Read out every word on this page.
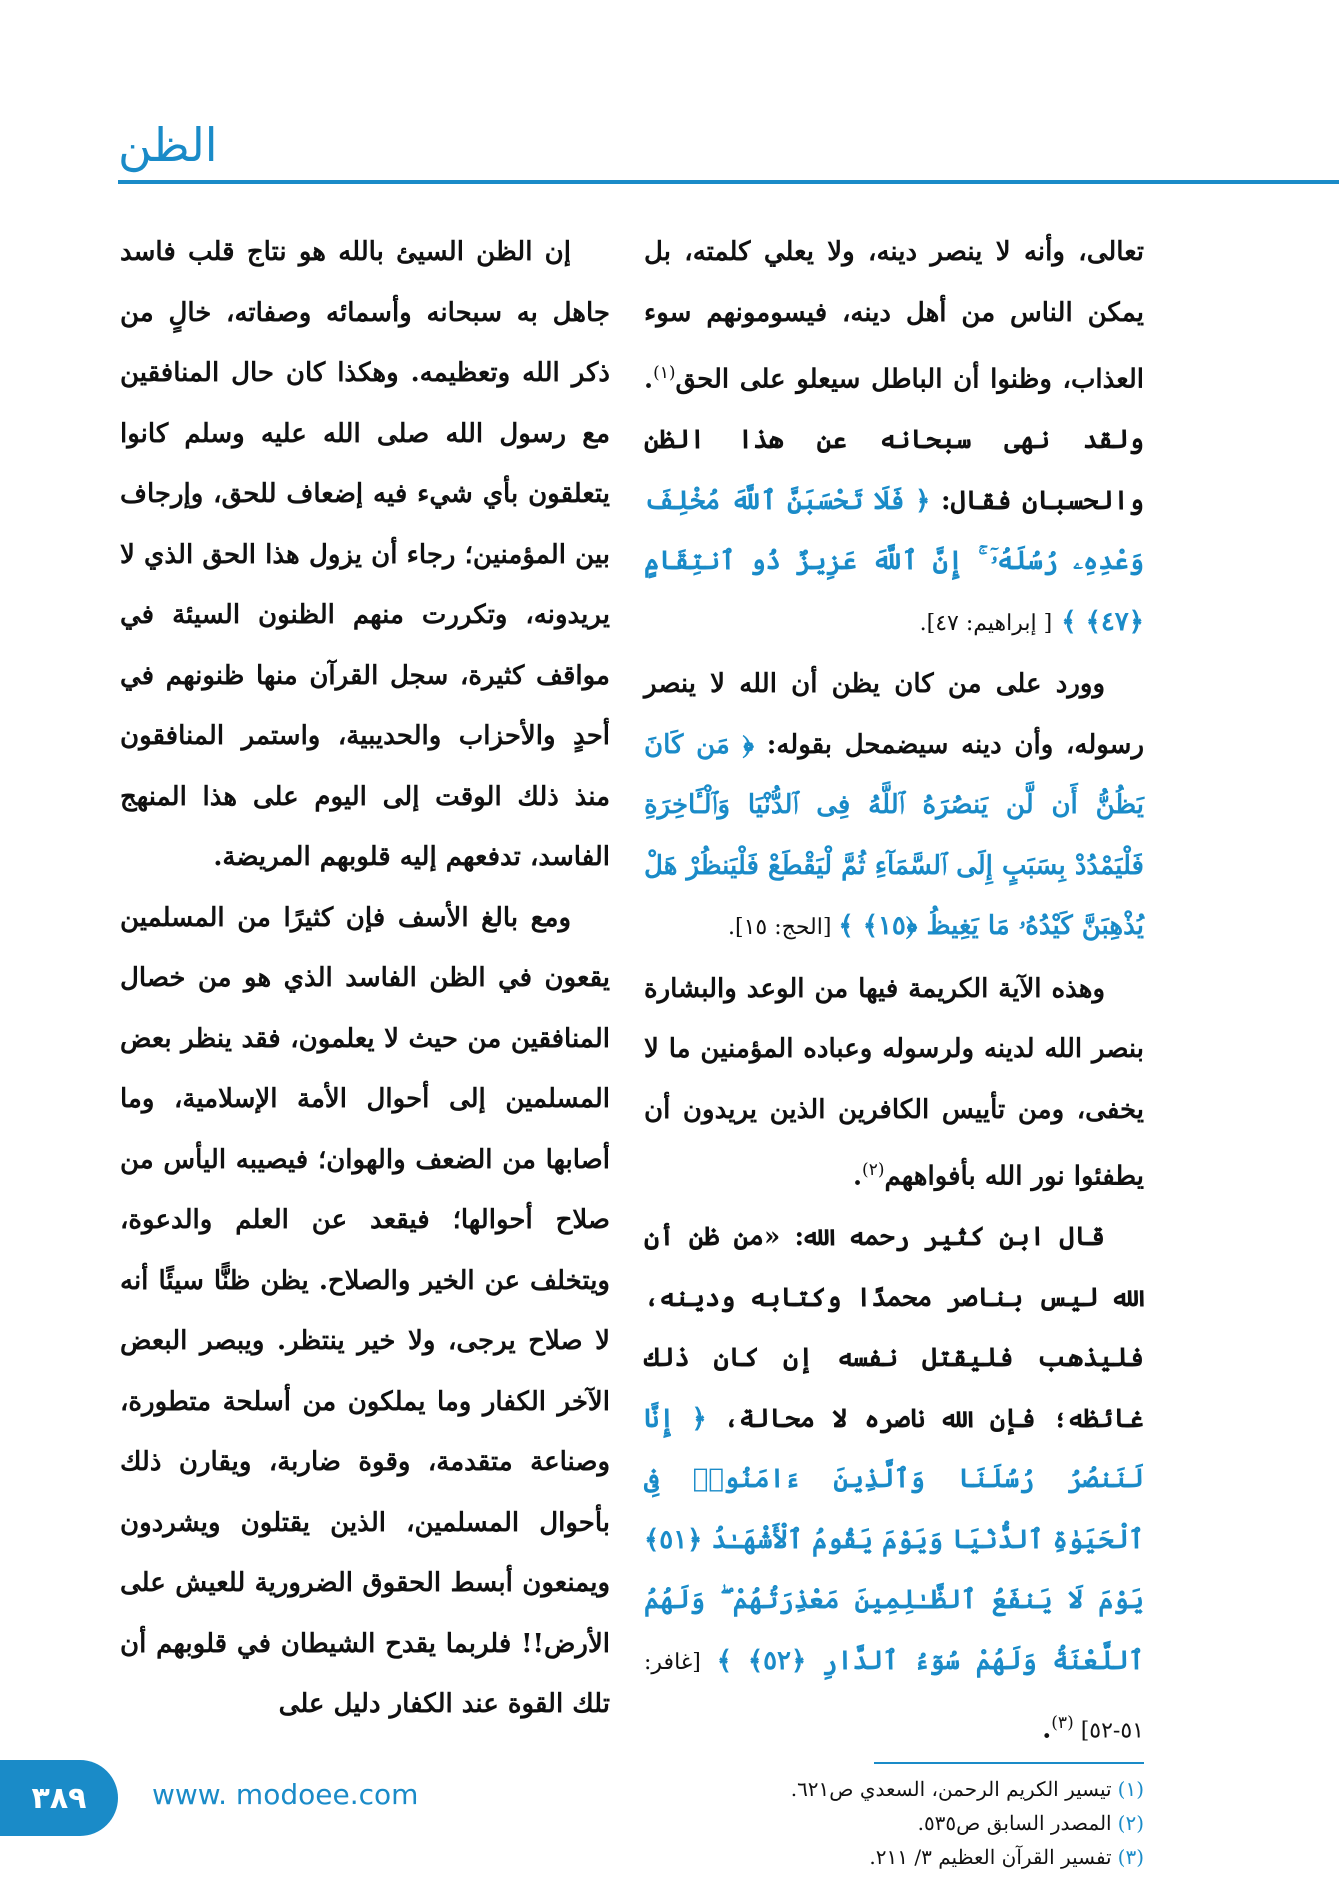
الظن

تعالى، وأنه لا ينصر دينه، ولا يعلي كلمته، بل يمكن الناس من أهل دينه، فيسومونهم سوء العذاب، وظنوا أن الباطل سيعلو على الحق$^{(١)}$. ولقد نهى سبحانه عن هذا الظن والحسبان فقال: ﴿ فَلَا تَحْسَبَنَّ ٱللَّهَ مُخْلِفَ وَعْدِهِۦ رُسُلَهُۥٓ ۚ إِنَّ ٱللَّهَ عَزِيزٌ ذُو ٱنتِقَامٍ ﴿٤٧﴾ ﴾ [ إبراهيم: ٤٧].

وورد على من كان يظن أن الله لا ينصر رسوله، وأن دينه سيضمحل بقوله: ﴿ مَن كَانَ يَظُنُّ أَن لَّن يَنصُرَهُ ٱللَّهُ فِى ٱلدُّنْيَا وَٱلْـَٔاخِرَةِ فَلْيَمْدُدْ بِسَبَبٍ إِلَى ٱلسَّمَآءِ ثُمَّ لْيَقْطَعْ فَلْيَنظُرْ هَلْ يُذْهِبَنَّ كَيْدُهُۥ مَا يَغِيظُ ﴿١٥﴾ ﴾ [الحج: ١٥].

وهذه الآية الكريمة فيها من الوعد والبشارة بنصر الله لدينه ولرسوله وعباده المؤمنين ما لا يخفى، ومن تأييس الكافرين الذين يريدون أن يطفئوا نور الله بأفواههم$^{(٢)}$.

قال ابن كثير رحمه الله: «من ظن أن الله ليس بناصر محمدًا وكتابه ودينه، فليذهب فليقتل نفسه إن كان ذلك غائظه؛ فإن الله ناصره لا محالة، ﴿ إِنَّا لَنَنصُرُ رُسُلَنَا وَٱلَّذِينَ ءَامَنُوا۟ فِى ٱلْحَيَوٰةِ ٱلدُّنْيَا وَيَوْمَ يَقُومُ ٱلْأَشْهَـٰدُ ﴿٥١﴾ يَوْمَ لَا يَنفَعُ ٱلظَّـٰلِمِينَ مَعْذِرَتُهُمْ ۖ وَلَهُمُ ٱللَّعْنَةُ وَلَهُمْ سُوٓءُ ٱلدَّارِ ﴿٥٢﴾ ﴾ [غافر: ٥١-٥٢] $^{(٣)}$.

إن الظن السيئ بالله هو نتاج قلب فاسد جاهل به سبحانه وأسمائه وصفاته، خالٍ من ذكر الله وتعظيمه. وهكذا كان حال المنافقين مع رسول الله صلى الله عليه وسلم كانوا يتعلقون بأي شيء فيه إضعاف للحق، وإرجاف بين المؤمنين؛ رجاء أن يزول هذا الحق الذي لا يريدونه، وتكررت منهم الظنون السيئة في مواقف كثيرة، سجل القرآن منها ظنونهم في أحدٍ والأحزاب والحديبية، واستمر المنافقون منذ ذلك الوقت إلى اليوم على هذا المنهج الفاسد، تدفعهم إليه قلوبهم المريضة.

ومع بالغ الأسف فإن كثيرًا من المسلمين يقعون في الظن الفاسد الذي هو من خصال المنافقين من حيث لا يعلمون، فقد ينظر بعض المسلمين إلى أحوال الأمة الإسلامية، وما أصابها من الضعف والهوان؛ فيصيبه اليأس من صلاح أحوالها؛ فيقعد عن العلم والدعوة، ويتخلف عن الخير والصلاح. يظن ظنًّا سيئًا أنه لا صلاح يرجى، ولا خير ينتظر. ويبصر البعض الآخر الكفار وما يملكون من أسلحة متطورة، وصناعة متقدمة، وقوة ضاربة، ويقارن ذلك بأحوال المسلمين، الذين يقتلون ويشردون ويمنعون أبسط الحقوق الضرورية للعيش على الأرض!! فلربما يقدح الشيطان في قلوبهم أن تلك القوة عند الكفار دليل على

(١)تيسير الكريم الرحمن، السعدي ص٦٢١.
(٢)المصدر السابق ص٥٣٥.
(٣)تفسير القرآن العظيم ٣/ ٢١١.
٣٨٩	www. modoee.com
